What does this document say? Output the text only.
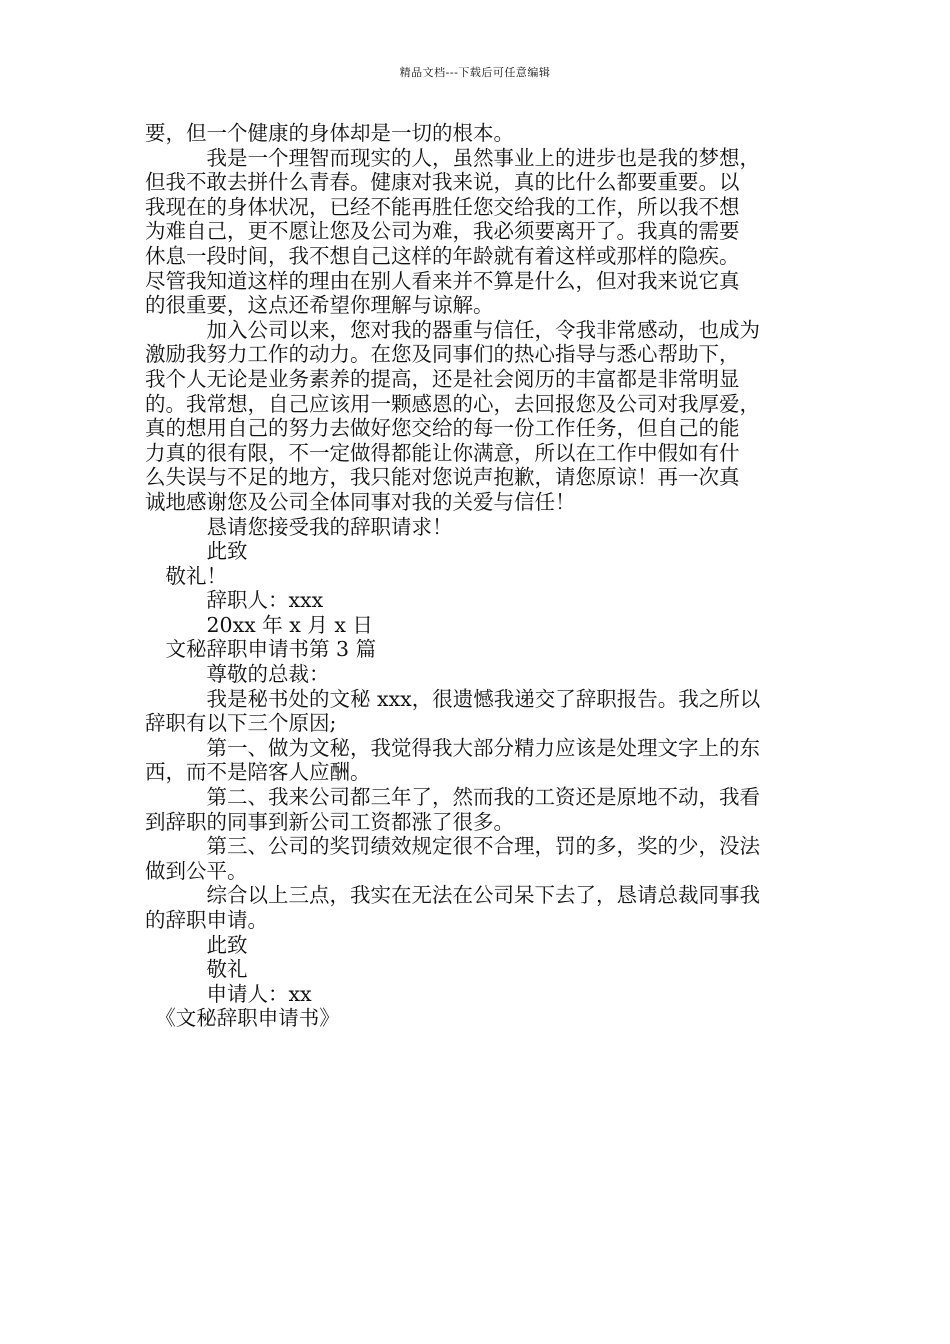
精品文档---下载后可任意编辑
要，但一个健康的身体却是一切的根本。
　　　我是一个理智而现实的人，虽然事业上的进步也是我的梦想，
但我不敢去拼什么青春。健康对我来说，真的比什么都要重要。以
我现在的身体状况，已经不能再胜任您交给我的工作，所以我不想
为难自己，更不愿让您及公司为难，我必须要离开了。我真的需要
休息一段时间，我不想自己这样的年龄就有着这样或那样的隐疾。
尽管我知道这样的理由在别人看来并不算是什么，但对我来说它真
的很重要，这点还希望你理解与谅解。
　　　加入公司以来，您对我的器重与信任，令我非常感动，也成为
激励我努力工作的动力。在您及同事们的热心指导与悉心帮助下，
我个人无论是业务素养的提高，还是社会阅历的丰富都是非常明显
的。我常想，自己应该用一颗感恩的心，去回报您及公司对我厚爱，
真的想用自己的努力去做好您交给的每一份工作任务，但自己的能
力真的很有限，不一定做得都能让你满意，所以在工作中假如有什
么失误与不足的地方，我只能对您说声抱歉，请您原谅！再一次真
诚地感谢您及公司全体同事对我的关爱与信任！
　　　恳请您接受我的辞职请求！
　　　此致
　敬礼！
　　　辞职人：xxx
　　　20xx 年 x 月 x 日
　文秘辞职申请书第 3 篇
　　　尊敬的总裁：
　　　我是秘书处的文秘 xxx，很遗憾我递交了辞职报告。我之所以
辞职有以下三个原因;
　　　第一、做为文秘，我觉得我大部分精力应该是处理文字上的东
西，而不是陪客人应酬。
　　　第二、我来公司都三年了，然而我的工资还是原地不动，我看
到辞职的同事到新公司工资都涨了很多。
　　　第三、公司的奖罚绩效规定很不合理，罚的多，奖的少，没法
做到公平。
　　　综合以上三点，我实在无法在公司呆下去了，恳请总裁同事我
的辞职申请。
　　　此致
　　　敬礼
　　　申请人：xx
　《文秘辞职申请书》
